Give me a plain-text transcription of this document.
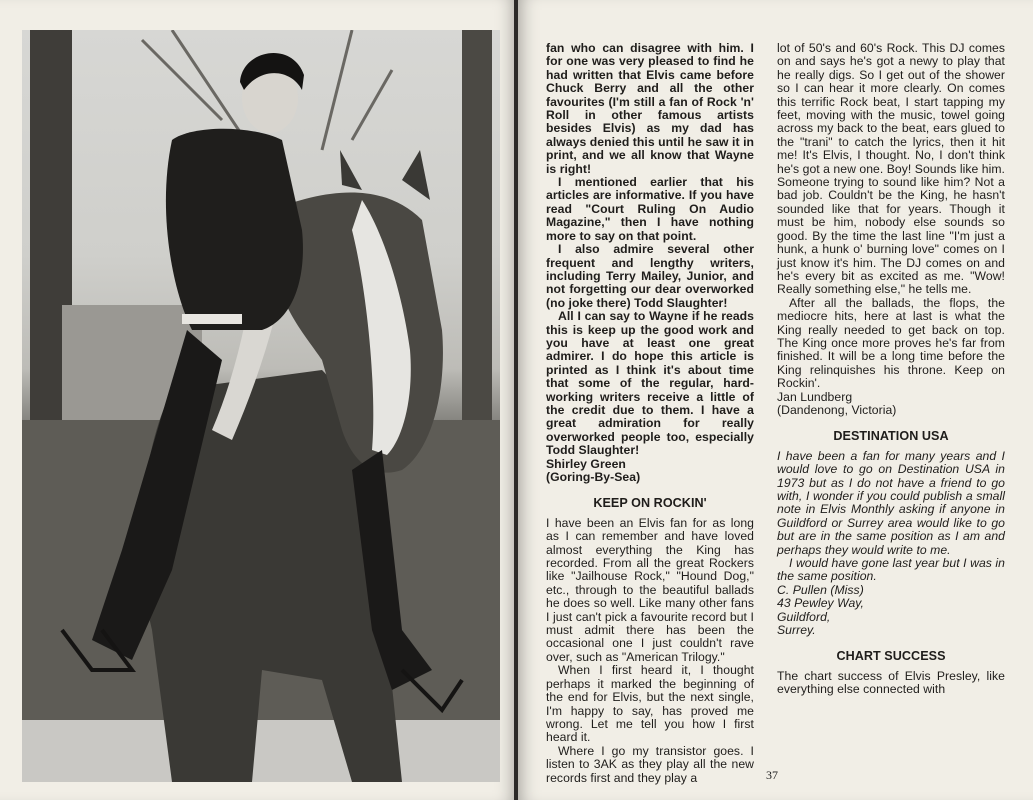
fan who can disagree with him. I for one was very pleased to find he had written that Elvis came before Chuck Berry and all the other favourites (I'm still a fan of Rock 'n' Roll in other famous artists besides Elvis) as my dad has always denied this until he saw it in print, and we all know that Wayne is right!

I mentioned earlier that his articles are informative. If you have read "Court Ruling On Audio Magazine," then I have nothing more to say on that point.

I also admire several other frequent and lengthy writers, including Terry Mailey, Junior, and not forgetting our dear overworked (no joke there) Todd Slaughter!

All I can say to Wayne if he reads this is keep up the good work and you have at least one great admirer. I do hope this article is printed as I think it's about time that some of the regular, hard-working writers receive a little of the credit due to them. I have a great admiration for really overworked people too, especially Todd Slaughter!

Shirley Green

(Goring-By-Sea)

KEEP ON ROCKIN'

I have been an Elvis fan for as long as I can remember and have loved almost everything the King has recorded. From all the great Rockers like "Jailhouse Rock," "Hound Dog," etc., through to the beautiful ballads he does so well. Like many other fans I just can't pick a favourite record but I must admit there has been the occasional one I just couldn't rave over, such as "American Trilogy."

When I first heard it, I thought perhaps it marked the beginning of the end for Elvis, but the next single, I'm happy to say, has proved me wrong. Let me tell you how I first heard it.

Where I go my transistor goes. I listen to 3AK as they play all the new records first and they play a

lot of 50's and 60's Rock. This DJ comes on and says he's got a newy to play that he really digs. So I get out of the shower so I can hear it more clearly. On comes this terrific Rock beat, I start tapping my feet, moving with the music, towel going across my back to the beat, ears glued to the "trani" to catch the lyrics, then it hit me! It's Elvis, I thought. No, I don't think he's got a new one. Boy! Sounds like him. Someone trying to sound like him? Not a bad job. Couldn't be the King, he hasn't sounded like that for years. Though it must be him, nobody else sounds so good. By the time the last line "I'm just a hunk, a hunk o' burning love" comes on I just know it's him. The DJ comes on and he's every bit as excited as me. "Wow! Really something else," he tells me.

After all the ballads, the flops, the mediocre hits, here at last is what the King really needed to get back on top. The King once more proves he's far from finished. It will be a long time before the King relinquishes his throne. Keep on Rockin'.

Jan Lundberg

(Dandenong, Victoria)

DESTINATION USA

I have been a fan for many years and I would love to go on Destination USA in 1973 but as I do not have a friend to go with, I wonder if you could publish a small note in Elvis Monthly asking if anyone in Guildford or Surrey area would like to go but are in the same position as I am and perhaps they would write to me.

I would have gone last year but I was in the same position.

C. Pullen (Miss)

43 Pewley Way,

Guildford,

Surrey.

CHART SUCCESS

The chart success of Elvis Presley, like everything else connected with

37
